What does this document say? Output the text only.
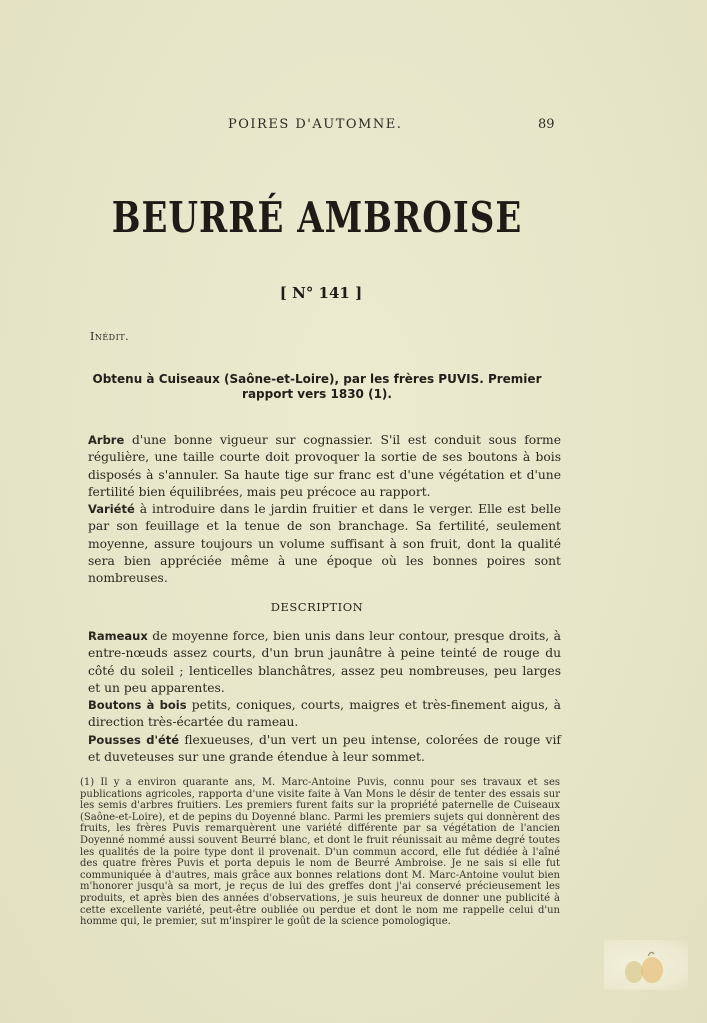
POIRES D'AUTOMNE.	89
BEURRÉ AMBROISE
[ N° 141 ]
Inédit.
Obtenu à Cuiseaux (Saône-et-Loire), par les frères PUVIS. Premier rapport vers 1830 (1).
Arbre d'une bonne vigueur sur cognassier. S'il est conduit sous forme régulière, une taille courte doit provoquer la sortie de ses boutons à bois disposés à s'annuler. Sa haute tige sur franc est d'une végétation et d'une fertilité bien équilibrées, mais peu précoce au rapport.
Variété à introduire dans le jardin fruitier et dans le verger. Elle est belle par son feuillage et la tenue de son branchage. Sa fertilité, seulement moyenne, assure toujours un volume suffisant à son fruit, dont la qualité sera bien appréciée même à une époque où les bonnes poires sont nombreuses.
DESCRIPTION
Rameaux de moyenne force, bien unis dans leur contour, presque droits, à entre-nœuds assez courts, d'un brun jaunâtre à peine teinté de rouge du côté du soleil ; lenticelles blanchâtres, assez peu nombreuses, peu larges et un peu apparentes.
Boutons à bois petits, coniques, courts, maigres et très-finement aigus, à direction très-écartée du rameau.
Pousses d'été flexueuses, d'un vert un peu intense, colorées de rouge vif et duveteuses sur une grande étendue à leur sommet.
(1) Il y a environ quarante ans, M. Marc-Antoine Puvis, connu pour ses travaux et ses publications agricoles, rapporta d'une visite faite à Van Mons le désir de tenter des essais sur les semis d'arbres fruitiers. Les premiers furent faits sur la propriété paternelle de Cuiseaux (Saône-et-Loire), et de pepins du Doyenné blanc. Parmi les premiers sujets qui donnèrent des fruits, les frères Puvis remarquèrent une variété différente par sa végétation de l'ancien Doyenné nommé aussi souvent Beurré blanc, et dont le fruit réunissait au même degré toutes les qualités de la poire type dont il provenait. D'un commun accord, elle fut dédiée à l'aîné des quatre frères Puvis et porta depuis le nom de Beurré Ambroise. Je ne sais si elle fut communiquée à d'autres, mais grâce aux bonnes relations dont M. Marc-Antoine voulut bien m'honorer jusqu'à sa mort, je reçus de lui des greffes dont j'ai conservé précieusement les produits, et après bien des années d'observations, je suis heureux de donner une publicité à cette excellente variété, peut-être oubliée ou perdue et dont le nom me rappelle celui d'un homme qui, le premier, sut m'inspirer le goût de la science pomologique.
